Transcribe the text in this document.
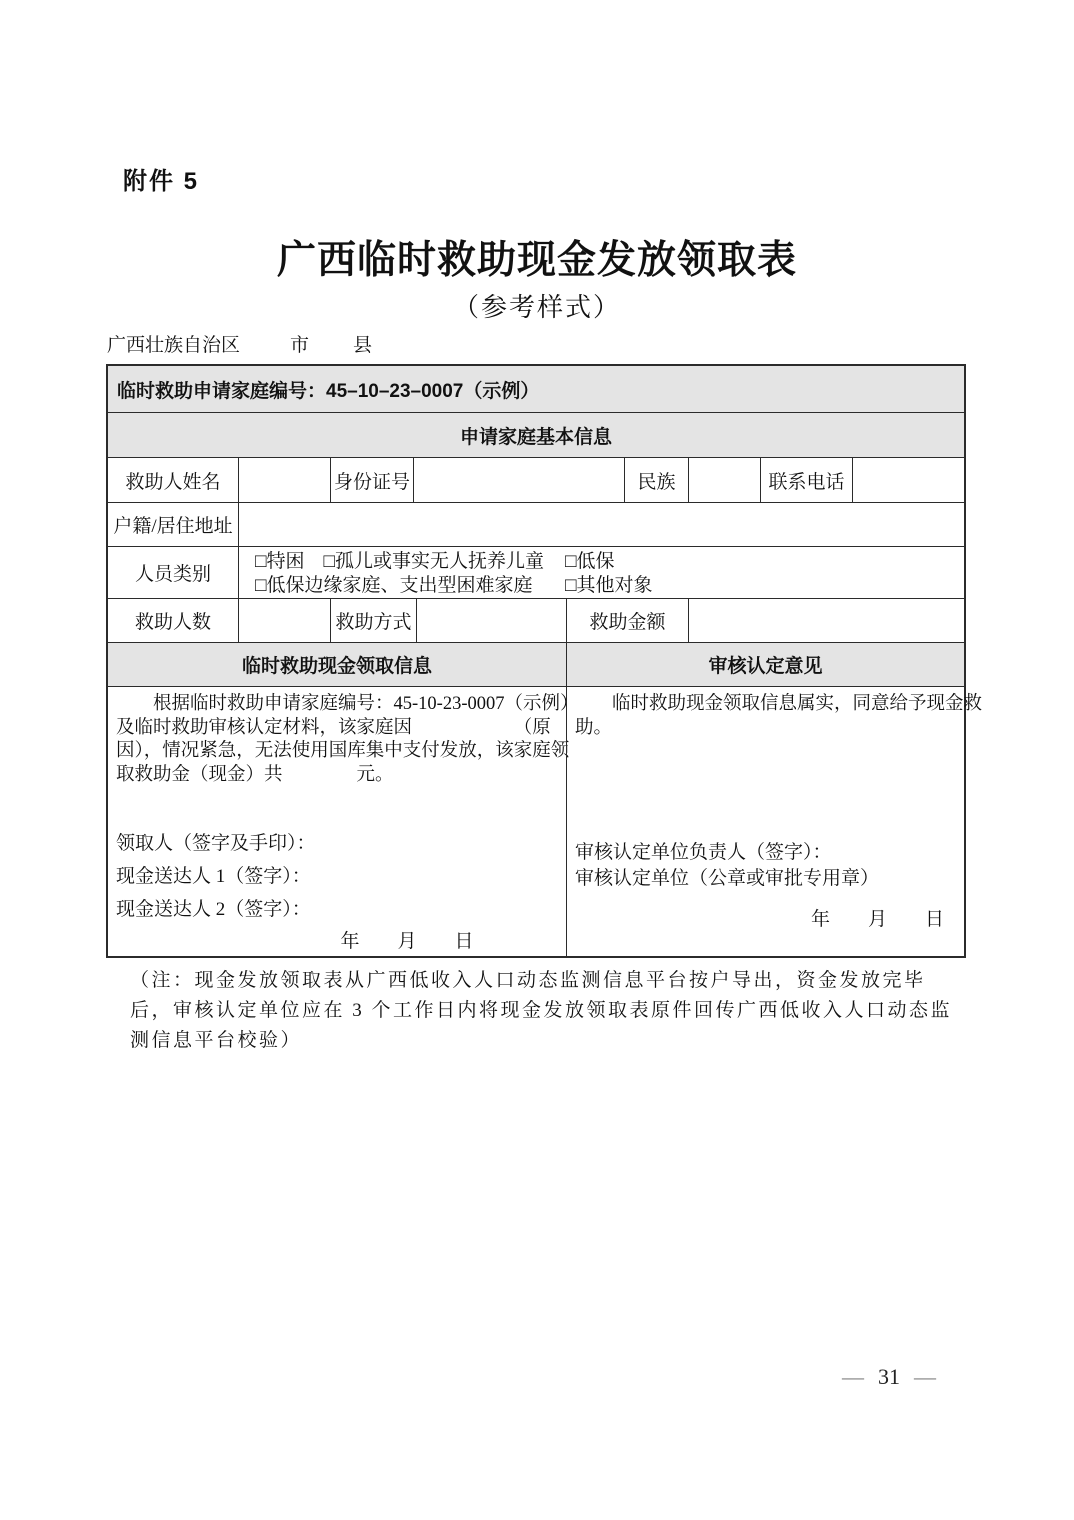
附件 5
广西临时救助现金发放领取表
（参考样式）
广西壮族自治区	市 县
临时救助申请家庭编号：45–10–23–0007（示例）
申请家庭基本信息
救助人姓名	身份证号	民族	联系电话
户籍/居住地址
人员类别
□特困　□孤儿或事实无人抚养儿童 □低保
□低保边缘家庭、支出型困难家庭 □其他对象
救助人数	救助方式	救助金额
临时救助现金领取信息	审核认定意见
根据临时救助申请家庭编号：45-10-23-0007（示例）
及临时救助审核认定材料，该家庭因　　　　　　（原
因），情况紧急，无法使用国库集中支付发放，该家庭领
取救助金（现金）共　　　　元。
领取人（签字及手印）：
现金送达人 1（签字）：
现金送达人 2（签字）：
年　　月　　日
临时救助现金领取信息属实，同意给予现金救
助。
审核认定单位负责人（签字）：
审核认定单位（公章或审批专用章）
年　　月　　日
（注：现金发放领取表从广西低收入人口动态监测信息平台按户导出，资金发放完毕
后，审核认定单位应在 3 个工作日内将现金发放领取表原件回传广西低收入人口动态监
测信息平台校验）
— 31 —
